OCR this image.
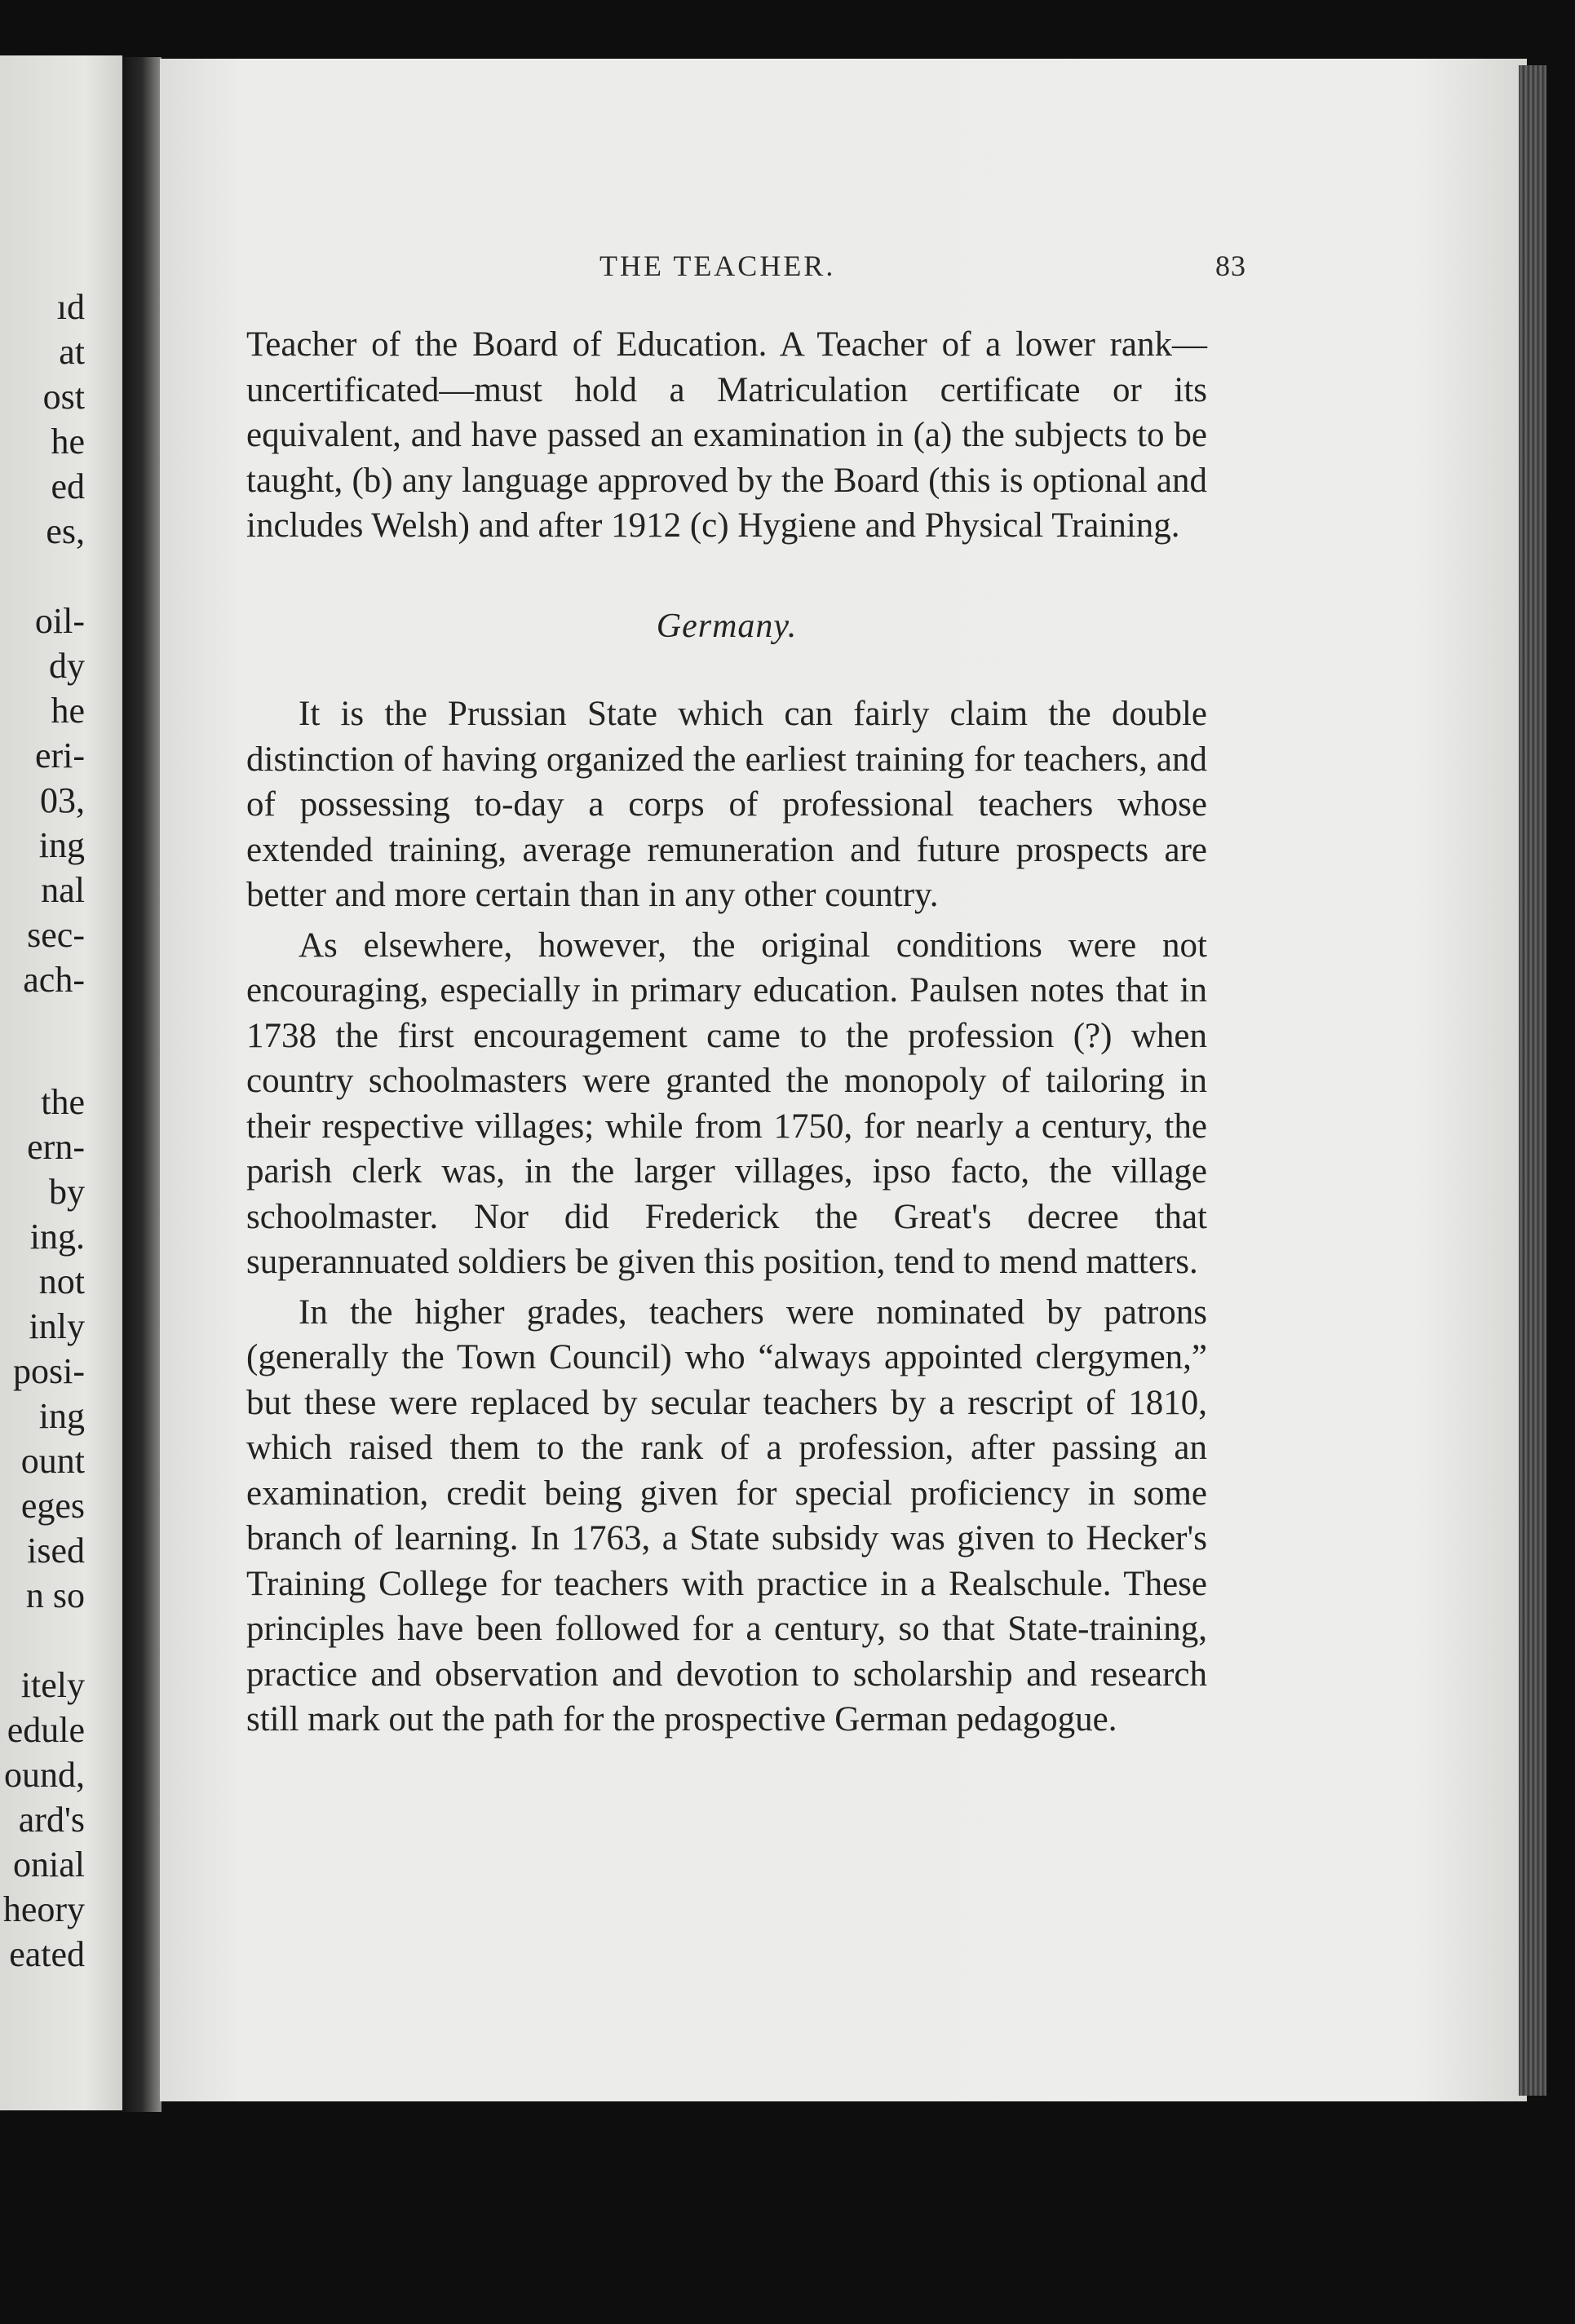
ıd
at
ost
he
ed
es,
oil-
dy
he
eri-
03,
ing
nal
sec-
ach-
the
ern-
by
ing.
not
inly
posi-
ing
ount
eges
ised
n so
itely
edule
ound,
ard's
onial
heory
eated
THE TEACHER.	83

Teacher of the Board of Education. A Teacher of a lower rank—uncertificated—must hold a Matriculation certificate or its equivalent, and have passed an examination in (a) the subjects to be taught, (b) any language approved by the Board (this is optional and includes Welsh) and after 1912 (c) Hygiene and Physical Training.

Germany.

It is the Prussian State which can fairly claim the double distinction of having organized the earliest training for teachers, and of possessing to-day a corps of professional teachers whose extended training, average remuneration and future prospects are better and more certain than in any other country.

As elsewhere, however, the original conditions were not encouraging, especially in primary education. Paulsen notes that in 1738 the first encouragement came to the profession (?) when country schoolmasters were granted the monopoly of tailoring in their respective villages; while from 1750, for nearly a century, the parish clerk was, in the larger villages, ipso facto, the village schoolmaster. Nor did Frederick the Great's decree that superannuated soldiers be given this position, tend to mend matters.

In the higher grades, teachers were nominated by patrons (generally the Town Council) who “always appointed clergymen,” but these were replaced by secular teachers by a rescript of 1810, which raised them to the rank of a profession, after passing an examination, credit being given for special proficiency in some branch of learning. In 1763, a State subsidy was given to Hecker's Training College for teachers with practice in a Realschule. These principles have been followed for a century, so that State-training, practice and observation and devotion to scholarship and research still mark out the path for the prospective German pedagogue.
